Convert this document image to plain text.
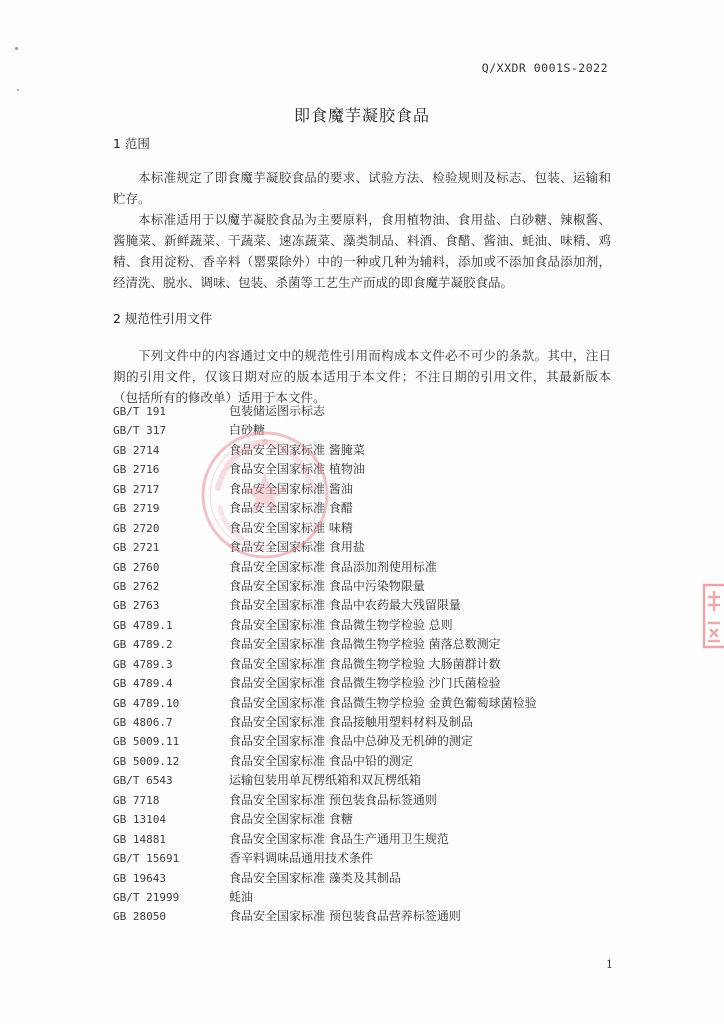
Q/XXDR 0001S-2022
即食魔芋凝胶食品
1 范围
本标准规定了即食魔芋凝胶食品的要求、试验方法、检验规则及标志、包装、运输和贮存。
本标准适用于以魔芋凝胶食品为主要原料，食用植物油、食用盐、白砂糖、辣椒酱、酱腌菜、新鲜蔬菜、干蔬菜、速冻蔬菜、藻类制品、料酒、食醋、酱油、蚝油、味精、鸡精、食用淀粉、香辛料（罂粟除外）中的一种或几种为辅料，添加或不添加食品添加剂，经清洗、脱水、调味、包装、杀菌等工艺生产而成的即食魔芋凝胶食品。
2 规范性引用文件
下列文件中的内容通过文中的规范性引用而构成本文件必不可少的条款。其中，注日期的引用文件，仅该日期对应的版本适用于本文件；不注日期的引用文件，其最新版本（包括所有的修改单）适用于本文件。
GB/T 191	包装储运图示标志
GB/T 317	白砂糖
GB 2714	食品安全国家标准 酱腌菜
GB 2716	食品安全国家标准 植物油
GB 2717	食品安全国家标准 酱油
GB 2719	食品安全国家标准 食醋
GB 2720	食品安全国家标准 味精
GB 2721	食品安全国家标准 食用盐
GB 2760	食品安全国家标准 食品添加剂使用标准
GB 2762	食品安全国家标准 食品中污染物限量
GB 2763	食品安全国家标准 食品中农药最大残留限量
GB 4789.1	食品安全国家标准 食品微生物学检验 总则
GB 4789.2	食品安全国家标准 食品微生物学检验 菌落总数测定
GB 4789.3	食品安全国家标准 食品微生物学检验 大肠菌群计数
GB 4789.4	食品安全国家标准 食品微生物学检验 沙门氏菌检验
GB 4789.10	食品安全国家标准 食品微生物学检验 金黄色葡萄球菌检验
GB 4806.7	食品安全国家标准 食品接触用塑料材料及制品
GB 5009.11	食品安全国家标准 食品中总砷及无机砷的测定
GB 5009.12	食品安全国家标准 食品中铅的测定
GB/T 6543	运输包装用单瓦楞纸箱和双瓦楞纸箱
GB 7718	食品安全国家标准 预包装食品标签通则
GB 13104	食品安全国家标准 食糖
GB 14881	食品安全国家标准 食品生产通用卫生规范
GB/T 15691	香辛料调味品通用技术条件
GB 19643	食品安全国家标准 藻类及其制品
GB/T 21999	蚝油
GB 28050	食品安全国家标准 预包装食品营养标签通则
1
